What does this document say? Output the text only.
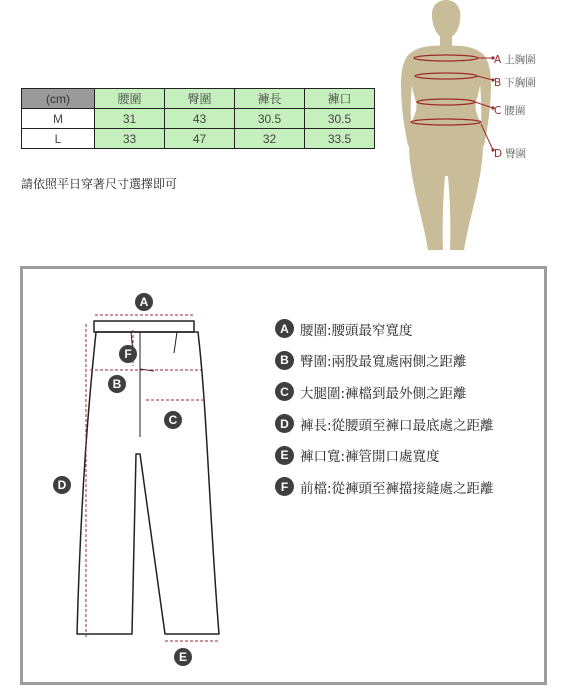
(cm)	腰圍	臀圍	褲長	褲口
M	31	43	30.5	30.5
L	33	47	32	33.5
請依照平日穿著尺寸選擇即可
A 上胸圍
B 下胸圍
C 腰圍
D 臀圍
A
F
B
C
D
E
A 腰圍:腰頭最窄寬度
B 臀圍:兩股最寬處兩側之距離
C 大腿圍:褲檔到最外側之距離
D 褲長:從腰頭至褲口最底處之距離
E 褲口寬:褲管開口處寬度
F 前檔:從褲頭至褲擋接縫處之距離
